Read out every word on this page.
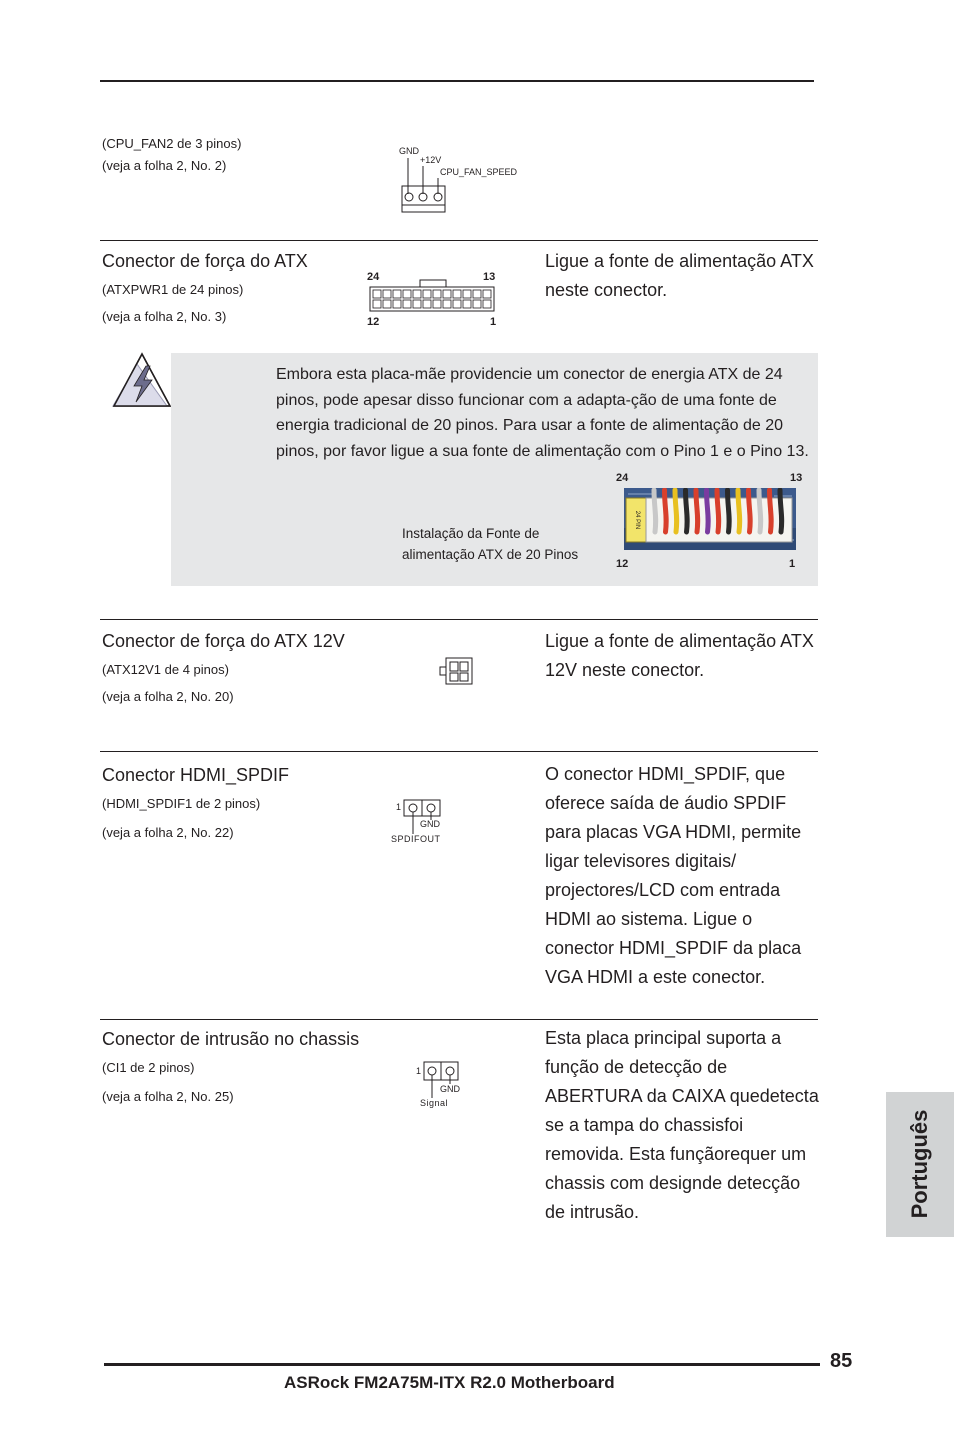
(CPU_FAN2 de 3 pinos)
(veja a folha 2, No. 2)
GND
+12V
CPU_FAN_SPEED
Conector de força do ATX
(ATXPWR1 de 24 pinos)
(veja a folha 2, No. 3)
24	13
12	1
Ligue a fonte de alimentação ATX neste conector.
Embora esta placa-mãe providencie um conector de energia ATX de 24 pinos, pode apesar disso funcionar com a adapta-ção de uma fonte de energia tradicional de 20 pinos. Para usar a fonte de alimentação de 20 pinos, por favor ligue a sua fonte de alimentação com o Pino 1 e o Pino 13.
Instalação da Fonte de alimentação ATX de 20 Pinos
24	13
12	1
24 PIN
Conector de força do ATX 12V
(ATX12V1 de 4 pinos)
(veja a folha 2, No. 20)
Ligue a fonte de alimentação ATX 12V neste conector.
Conector HDMI_SPDIF
(HDMI_SPDIF1 de 2 pinos)
(veja a folha 2, No. 22)
1
GND
SPDIFOUT
O conector HDMI_SPDIF, que oferece saída de áudio SPDIF para placas VGA HDMI, permite ligar televisores digitais/ projectores/LCD com entrada HDMI ao sistema. Ligue o conector HDMI_SPDIF da placa VGA HDMI a este conector.
Conector de intrusão no chassis
(CI1 de 2 pinos)
(veja a folha 2, No. 25)
1
GND
Signal
Esta placa principal suporta a função de detecção de ABERTURA da CAIXA quedetecta se a tampa do chassisfoi removida. Esta funçãorequer um chassis com designde detecção de intrusão.	Português
85
ASRock FM2A75M-ITX R2.0 Motherboard
